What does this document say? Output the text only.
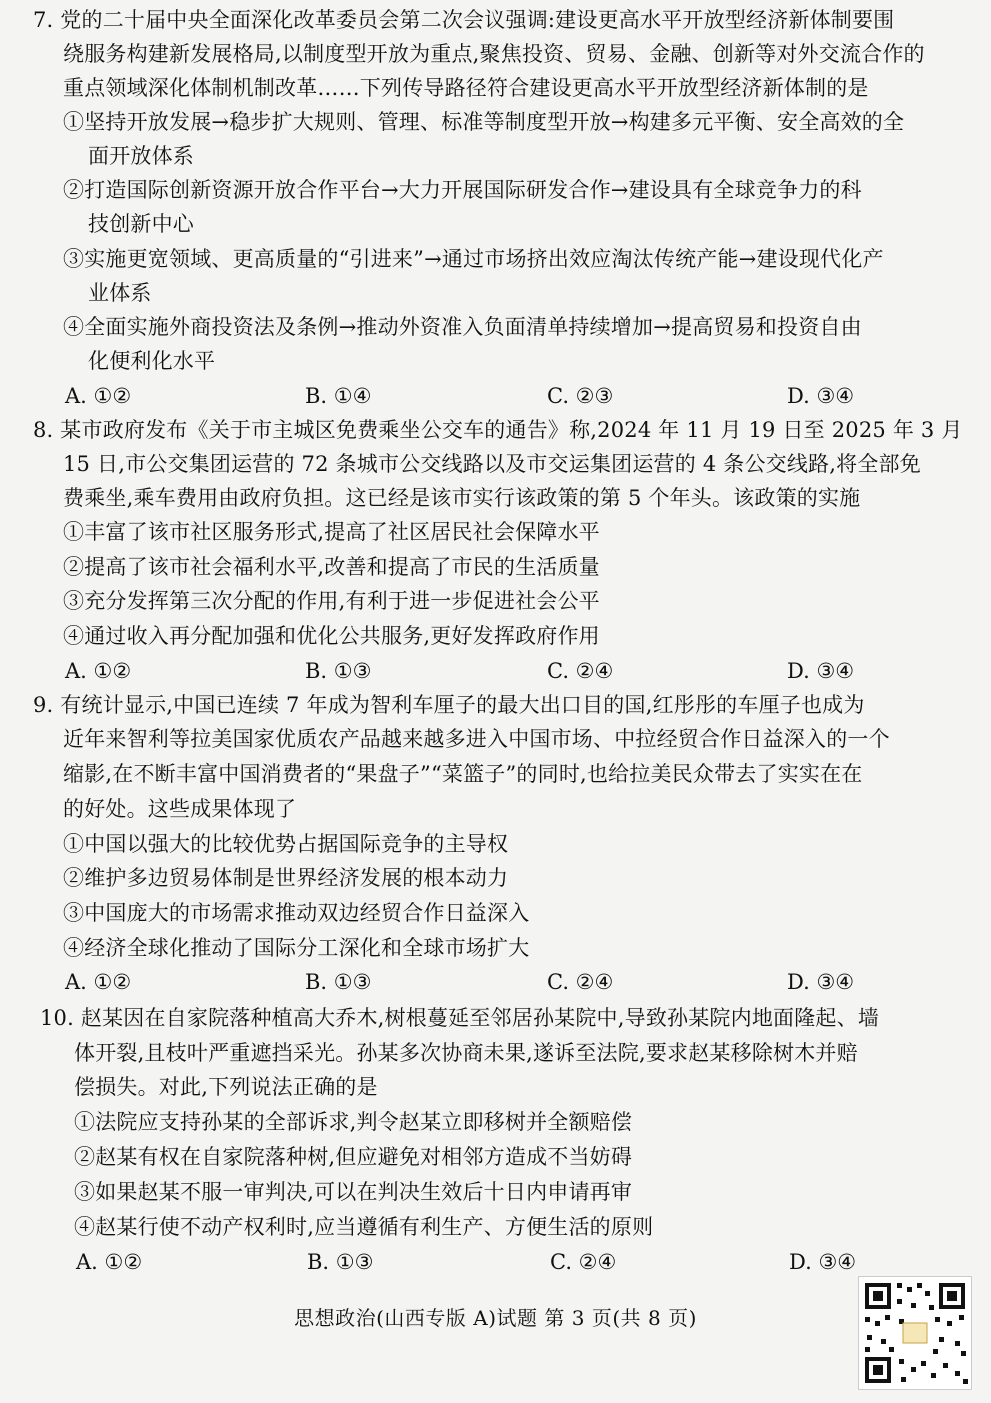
7. 党的二十届中央全面深化改革委员会第二次会议强调:建设更高水平开放型经济新体制要围
绕服务构建新发展格局,以制度型开放为重点,聚焦投资、贸易、金融、创新等对外交流合作的
重点领域深化体制机制改革……下列传导路径符合建设更高水平开放型经济新体制的是
①坚持开放发展→稳步扩大规则、管理、标准等制度型开放→构建多元平衡、安全高效的全
面开放体系
②打造国际创新资源开放合作平台→大力开展国际研发合作→建设具有全球竞争力的科
技创新中心
③实施更宽领域、更高质量的“引进来”→通过市场挤出效应淘汰传统产能→建设现代化产
业体系
④全面实施外商投资法及条例→推动外资准入负面清单持续增加→提高贸易和投资自由
化便利化水平
A. ①②	B. ①④	C. ②③	D. ③④
8. 某市政府发布《关于市主城区免费乘坐公交车的通告》称,2024 年 11 月 19 日至 2025 年 3 月
15 日,市公交集团运营的 72 条城市公交线路以及市交运集团运营的 4 条公交线路,将全部免
费乘坐,乘车费用由政府负担。这已经是该市实行该政策的第 5 个年头。该政策的实施
①丰富了该市社区服务形式,提高了社区居民社会保障水平
②提高了该市社会福利水平,改善和提高了市民的生活质量
③充分发挥第三次分配的作用,有利于进一步促进社会公平
④通过收入再分配加强和优化公共服务,更好发挥政府作用
A. ①②	B. ①③	C. ②④	D. ③④
9. 有统计显示,中国已连续 7 年成为智利车厘子的最大出口目的国,红彤彤的车厘子也成为
近年来智利等拉美国家优质农产品越来越多进入中国市场、中拉经贸合作日益深入的一个
缩影,在不断丰富中国消费者的“果盘子”“菜篮子”的同时,也给拉美民众带去了实实在在
的好处。这些成果体现了
①中国以强大的比较优势占据国际竞争的主导权
②维护多边贸易体制是世界经济发展的根本动力
③中国庞大的市场需求推动双边经贸合作日益深入
④经济全球化推动了国际分工深化和全球市场扩大
A. ①②	B. ①③	C. ②④	D. ③④
10. 赵某因在自家院落种植高大乔木,树根蔓延至邻居孙某院中,导致孙某院内地面隆起、墙
体开裂,且枝叶严重遮挡采光。孙某多次协商未果,遂诉至法院,要求赵某移除树木并赔
偿损失。对此,下列说法正确的是
①法院应支持孙某的全部诉求,判令赵某立即移树并全额赔偿
②赵某有权在自家院落种树,但应避免对相邻方造成不当妨碍
③如果赵某不服一审判决,可以在判决生效后十日内申请再审
④赵某行使不动产权利时,应当遵循有利生产、方便生活的原则
A. ①②	B. ①③	C. ②④	D. ③④
思想政治(山西专版 A)试题 第 3 页(共 8 页)
